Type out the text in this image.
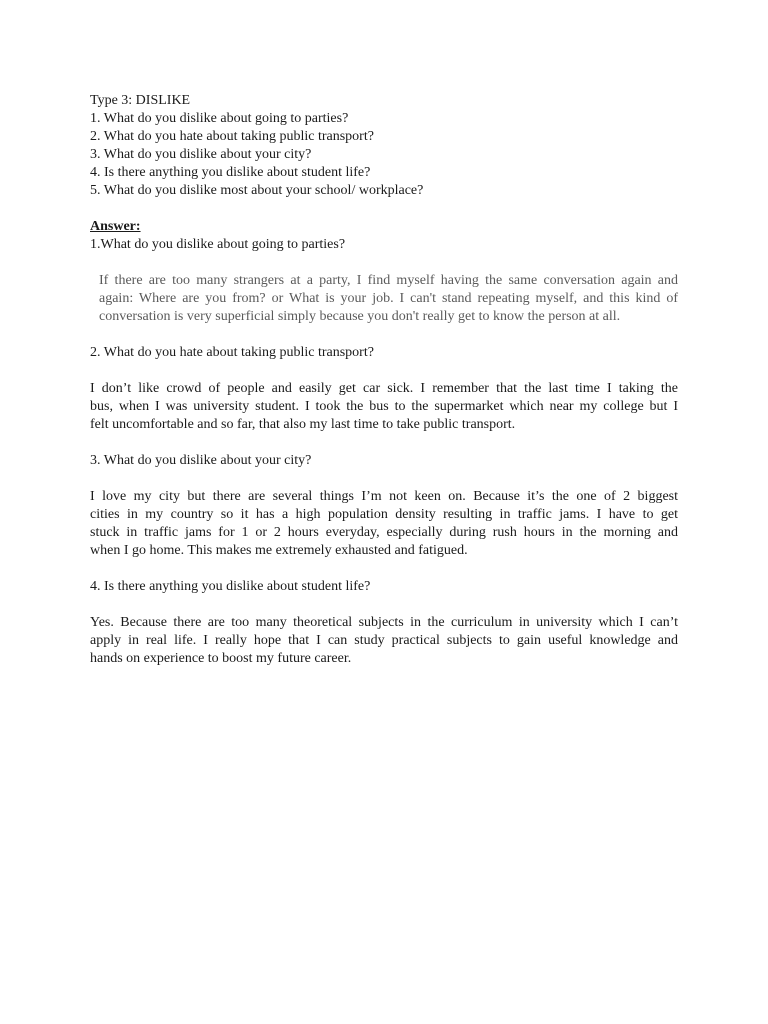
Type 3: DISLIKE

1. What do you dislike about going to parties?

2. What do you hate about taking public transport?

3. What do you dislike about your city?

4. Is there anything you dislike about student life?

5. What do you dislike most about your school/ workplace?

Answer:

1.What do you dislike about going to parties?

If there are too many strangers at a party, I find myself having the same conversation again and
again: Where are you from? or What is your job. I can't stand repeating myself, and this kind of
conversation is very superficial simply because you don't really get to know the person at all.

2. What do you hate about taking public transport?

I don’t like crowd of people and easily get car sick. I remember that the last time I taking the
bus, when I was university student. I took the bus to the supermarket which near my college but I
felt uncomfortable and so far, that also my last time to take public transport.

3. What do you dislike about your city?

I love my city but there are several things I’m not keen on. Because it’s the one of 2 biggest
cities in my country so it has a high population density resulting in traffic jams. I have to get
stuck in traffic jams for 1 or 2 hours everyday, especially during rush hours in the morning and
when I go home. This makes me extremely exhausted and fatigued.

4. Is there anything you dislike about student life?

Yes. Because there are too many theoretical subjects in the curriculum in university which I can’t
apply in real life. I really hope that I can study practical subjects to gain useful knowledge and
hands on experience to boost my future career.
